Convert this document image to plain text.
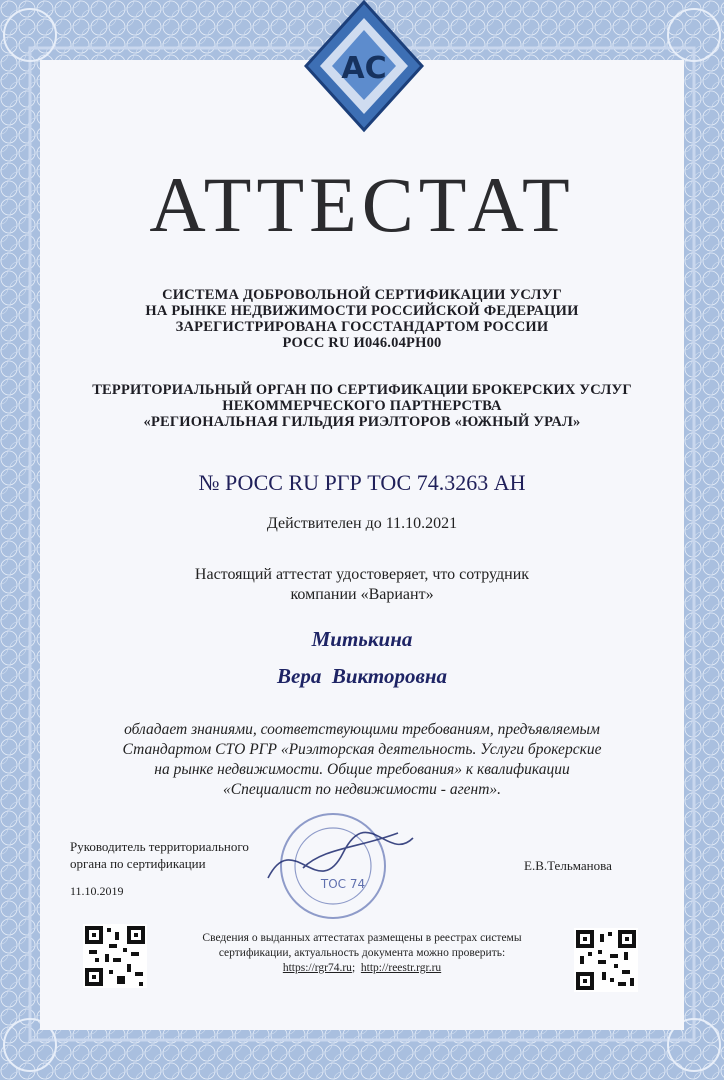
АС
АТТЕСТАТ
СИСТЕМА ДОБРОВОЛЬНОЙ СЕРТИФИКАЦИИ УСЛУГ
НА РЫНКЕ НЕДВИЖИМОСТИ РОССИЙСКОЙ ФЕДЕРАЦИИ
ЗАРЕГИСТРИРОВАНА ГОССТАНДАРТОМ РОССИИ
РОСС RU И046.04РН00
ТЕРРИТОРИАЛЬНЫЙ ОРГАН ПО СЕРТИФИКАЦИИ БРОКЕРСКИХ УСЛУГ
НЕКОММЕРЧЕСКОГО ПАРТНЕРСТВА
«РЕГИОНАЛЬНАЯ ГИЛЬДИЯ РИЭЛТОРОВ «ЮЖНЫЙ УРАЛ»
№ РОСС RU РГР ТОС 74.3263 АН
Действителен до 11.10.2021
Настоящий аттестат удостоверяет, что сотрудник
компании «Вариант»
Митькина
Вера  Викторовна
обладает знаниями, соответствующими требованиям, предъявляемым
Стандартом СТО РГР «Риэлторская деятельность. Услуги брокерские
на рынке недвижимости. Общие требования» к квалификации
«Специалист по недвижимости - агент».
ТОС 74
Руководитель территориального
органа по сертификации
11.10.2019
Е.В.Тельманова
Сведения о выданных аттестатах размещены в реестрах системы
сертификации, актуальность документа можно проверить:
https://rgr74.ru; http://reestr.rgr.ru
